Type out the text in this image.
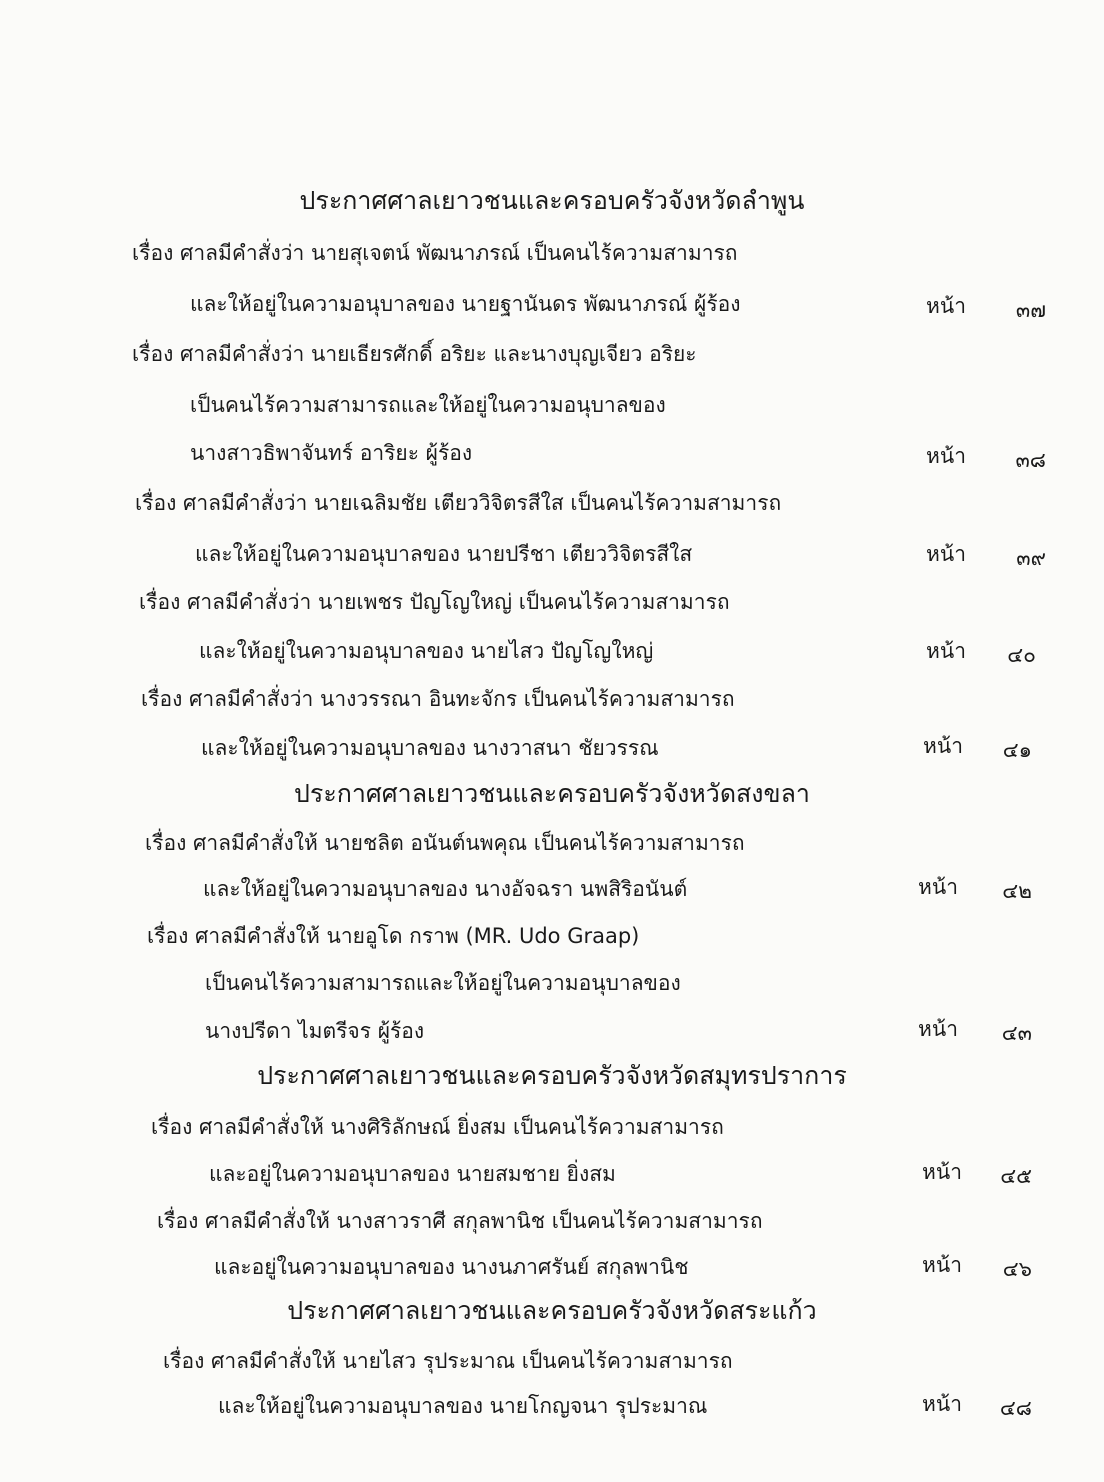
ประกาศศาลเยาวชนและครอบครัวจังหวัดลำพูน
เรื่อง ศาลมีคำสั่งว่า นายสุเจตน์ พัฒนาภรณ์ เป็นคนไร้ความสามารถ
และให้อยู่ในความอนุบาลของ นายฐานันดร พัฒนาภรณ์ ผู้ร้อง	หน้า	๓๗
เรื่อง ศาลมีคำสั่งว่า นายเธียรศักดิ์ อริยะ และนางบุญเจียว อริยะ
เป็นคนไร้ความสามารถและให้อยู่ในความอนุบาลของ
นางสาวธิพาจันทร์ อาริยะ ผู้ร้อง	หน้า	๓๘
เรื่อง ศาลมีคำสั่งว่า นายเฉลิมชัย เตียววิจิตรสีใส เป็นคนไร้ความสามารถ
และให้อยู่ในความอนุบาลของ นายปรีชา เตียววิจิตรสีใส	หน้า	๓๙
เรื่อง ศาลมีคำสั่งว่า นายเพชร ปัญโญใหญ่ เป็นคนไร้ความสามารถ
และให้อยู่ในความอนุบาลของ นายไสว ปัญโญใหญ่	หน้า	๔๐
เรื่อง ศาลมีคำสั่งว่า นางวรรณา อินทะจักร เป็นคนไร้ความสามารถ
และให้อยู่ในความอนุบาลของ นางวาสนา ชัยวรรณ	หน้า	๔๑
ประกาศศาลเยาวชนและครอบครัวจังหวัดสงขลา
เรื่อง ศาลมีคำสั่งให้ นายชลิต อนันต์นพคุณ เป็นคนไร้ความสามารถ
และให้อยู่ในความอนุบาลของ นางอัจฉรา นพสิริอนันต์	หน้า	๔๒
เรื่อง ศาลมีคำสั่งให้ นายอูโด กราพ (MR. Udo Graap)
เป็นคนไร้ความสามารถและให้อยู่ในความอนุบาลของ
นางปรีดา ไมตรีจร ผู้ร้อง	หน้า	๔๓
ประกาศศาลเยาวชนและครอบครัวจังหวัดสมุทรปราการ
เรื่อง ศาลมีคำสั่งให้ นางศิริลักษณ์ ยิ่งสม เป็นคนไร้ความสามารถ
และอยู่ในความอนุบาลของ นายสมชาย ยิ่งสม	หน้า	๔๕
เรื่อง ศาลมีคำสั่งให้ นางสาวราศี สกุลพานิช เป็นคนไร้ความสามารถ
และอยู่ในความอนุบาลของ นางนภาศรันย์ สกุลพานิช	หน้า	๔๖
ประกาศศาลเยาวชนและครอบครัวจังหวัดสระแก้ว
เรื่อง ศาลมีคำสั่งให้ นายไสว รุประมาณ เป็นคนไร้ความสามารถ
และให้อยู่ในความอนุบาลของ นายโกญจนา รุประมาณ	หน้า	๔๘
